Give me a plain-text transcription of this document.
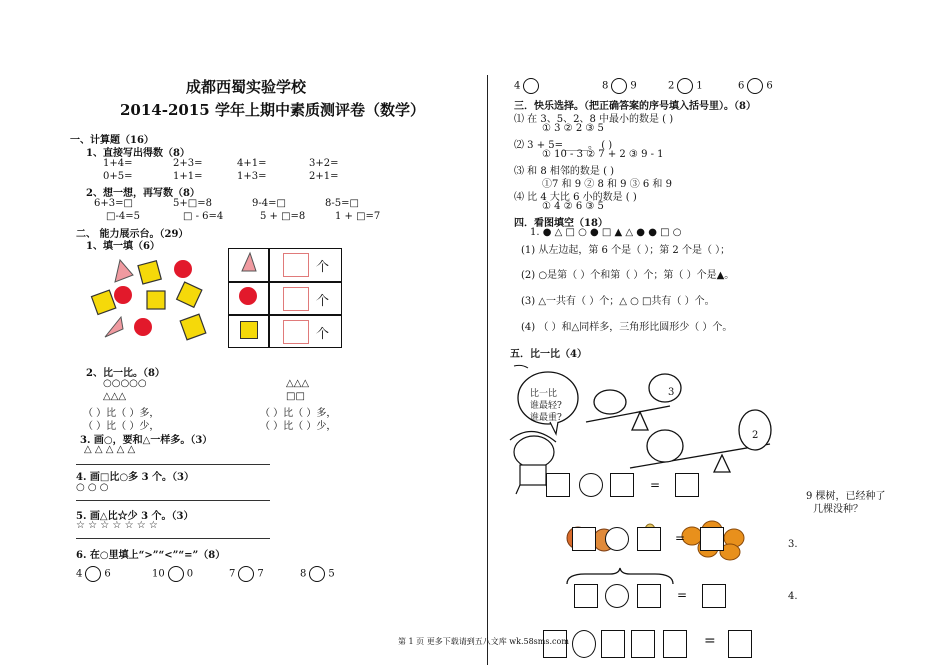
成都西蜀实验学校
2014-2015 学年上期中素质测评卷（数学）
一、计算题（16）
1、直接写出得数（8）
1+4=	2+3=	4+1=	3+2=
0+5=	1+1=	1+3=	2+1=
2、想一想，再写数（8）
6+3=□	5+□=8	9-4=□	8-5=□
□-4=5	□ - 6=4	5 + □=8	1 + □=7
二、 能力展示台。（29）
1、填一填（6）
个
个
个
2、比一比。（8）
○○○○○
△△△
△△△
□□
（ ）比（ ）多，
（ ）比（ ）少，
（ ）比（ ）多，
（ ）比（ ）少，
3. 画○，要和△一样多。（3）
△ △ △ △ △
4. 画□比○多 3 个。（3）
○ ○ ○
5. 画△比☆少 3 个。（3）
☆ ☆ ☆ ☆ ☆ ☆ ☆
6. 在○里填上“>”“<”“=”（8）
4 6	10 0	7 7	8 5
4	8 9	2 1	6 6
三．快乐选择。（把正确答案的序号填入括号里）。（8）
⑴ 在 3、5、2、8 中最小的数是 ( )
① 3 ② 2 ③ 5
⑵ 3 + 5=_____。 ( )
① 10 - 3 ② 7 + 2 ③ 9 - 1
⑶ 和 8 相邻的数是 ( )
①7 和 9 ② 8 和 9 ③ 6 和 9
⑷ 比 4 大比 6 小的数是 ( )
① 4 ② 6 ③ 5
四．看图填空（18）
1. ● △ □ ○ ● □ ▲ △ ● ● □ ○
(1) 从左边起，第 6 个是（ ）；第 2 个是（ ）；
(2) ○是第（ ）个和第（ ）个；第（ ）个是▲。
(3) △一共有（ ）个；△ ○ □共有（ ）个。
(4) （ ）和△同样多，三角形比圆形少（ ）个。
五．比一比（4）
比一比
谁最轻?
谁最重?
3
2
=
9 棵树，已经种了
几棵没种？
=	3.
=	4.
=
第 1 页 更多下载请到五八文库 wk.58sms.com
